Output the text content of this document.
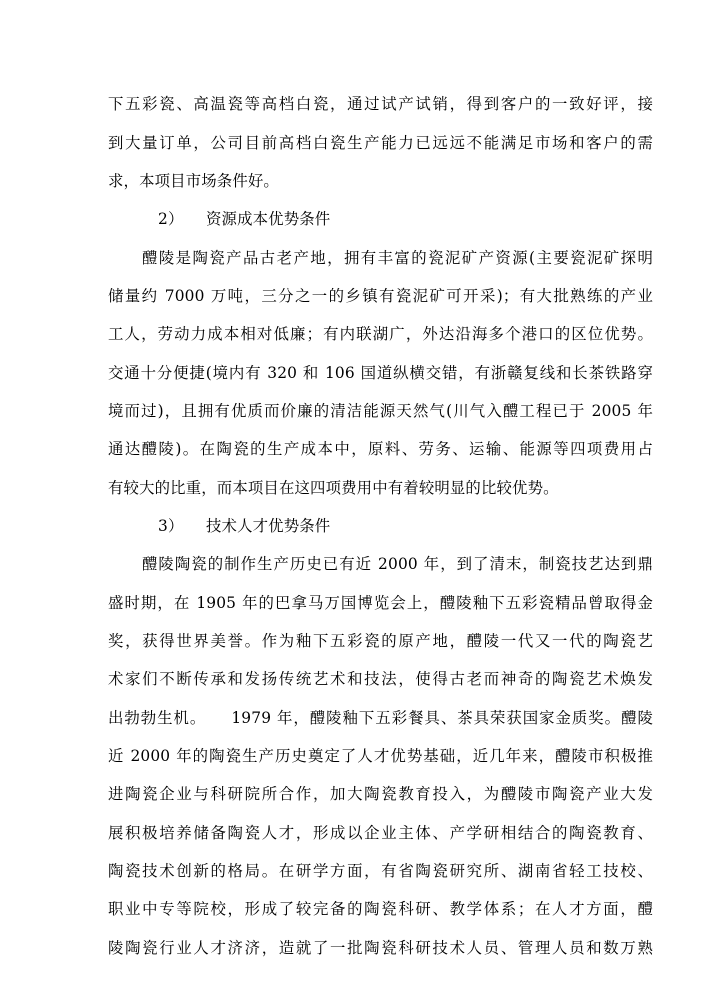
下五彩瓷、高温瓷等高档白瓷，通过试产试销，得到客户的一致好评，接
到大量订单，公司目前高档白瓷生产能力已远远不能满足市场和客户的需
求，本项目市场条件好。
2） 资源成本优势条件
醴陵是陶瓷产品古老产地，拥有丰富的瓷泥矿产资源(主要瓷泥矿探明
储量约 7000 万吨，三分之一的乡镇有瓷泥矿可开采)；有大批熟练的产业
工人，劳动力成本相对低廉；有内联湖广，外达沿海多个港口的区位优势。
交通十分便捷(境内有 320 和 106 国道纵横交错，有浙赣复线和长茶铁路穿
境而过)，且拥有优质而价廉的清洁能源天然气(川气入醴工程已于 2005 年
通达醴陵)。在陶瓷的生产成本中，原料、劳务、运输、能源等四项费用占
有较大的比重，而本项目在这四项费用中有着较明显的比较优势。
3） 技术人才优势条件
醴陵陶瓷的制作生产历史已有近 2000 年，到了清末，制瓷技艺达到鼎
盛时期，在 1905 年的巴拿马万国博览会上，醴陵釉下五彩瓷精品曾取得金
奖，获得世界美誉。作为釉下五彩瓷的原产地，醴陵一代又一代的陶瓷艺
术家们不断传承和发扬传统艺术和技法，使得古老而神奇的陶瓷艺术焕发
出勃勃生机。　　1979 年，醴陵釉下五彩餐具、茶具荣获国家金质奖。醴陵
近 2000 年的陶瓷生产历史奠定了人才优势基础，近几年来，醴陵市积极推
进陶瓷企业与科研院所合作，加大陶瓷教育投入，为醴陵市陶瓷产业大发
展积极培养储备陶瓷人才，形成以企业主体、产学研相结合的陶瓷教育、
陶瓷技术创新的格局。在研学方面，有省陶瓷研究所、湖南省轻工技校、
职业中专等院校，形成了较完备的陶瓷科研、教学体系；在人才方面，醴
陵陶瓷行业人才济济，造就了一批陶瓷科研技术人员、管理人员和数万熟
